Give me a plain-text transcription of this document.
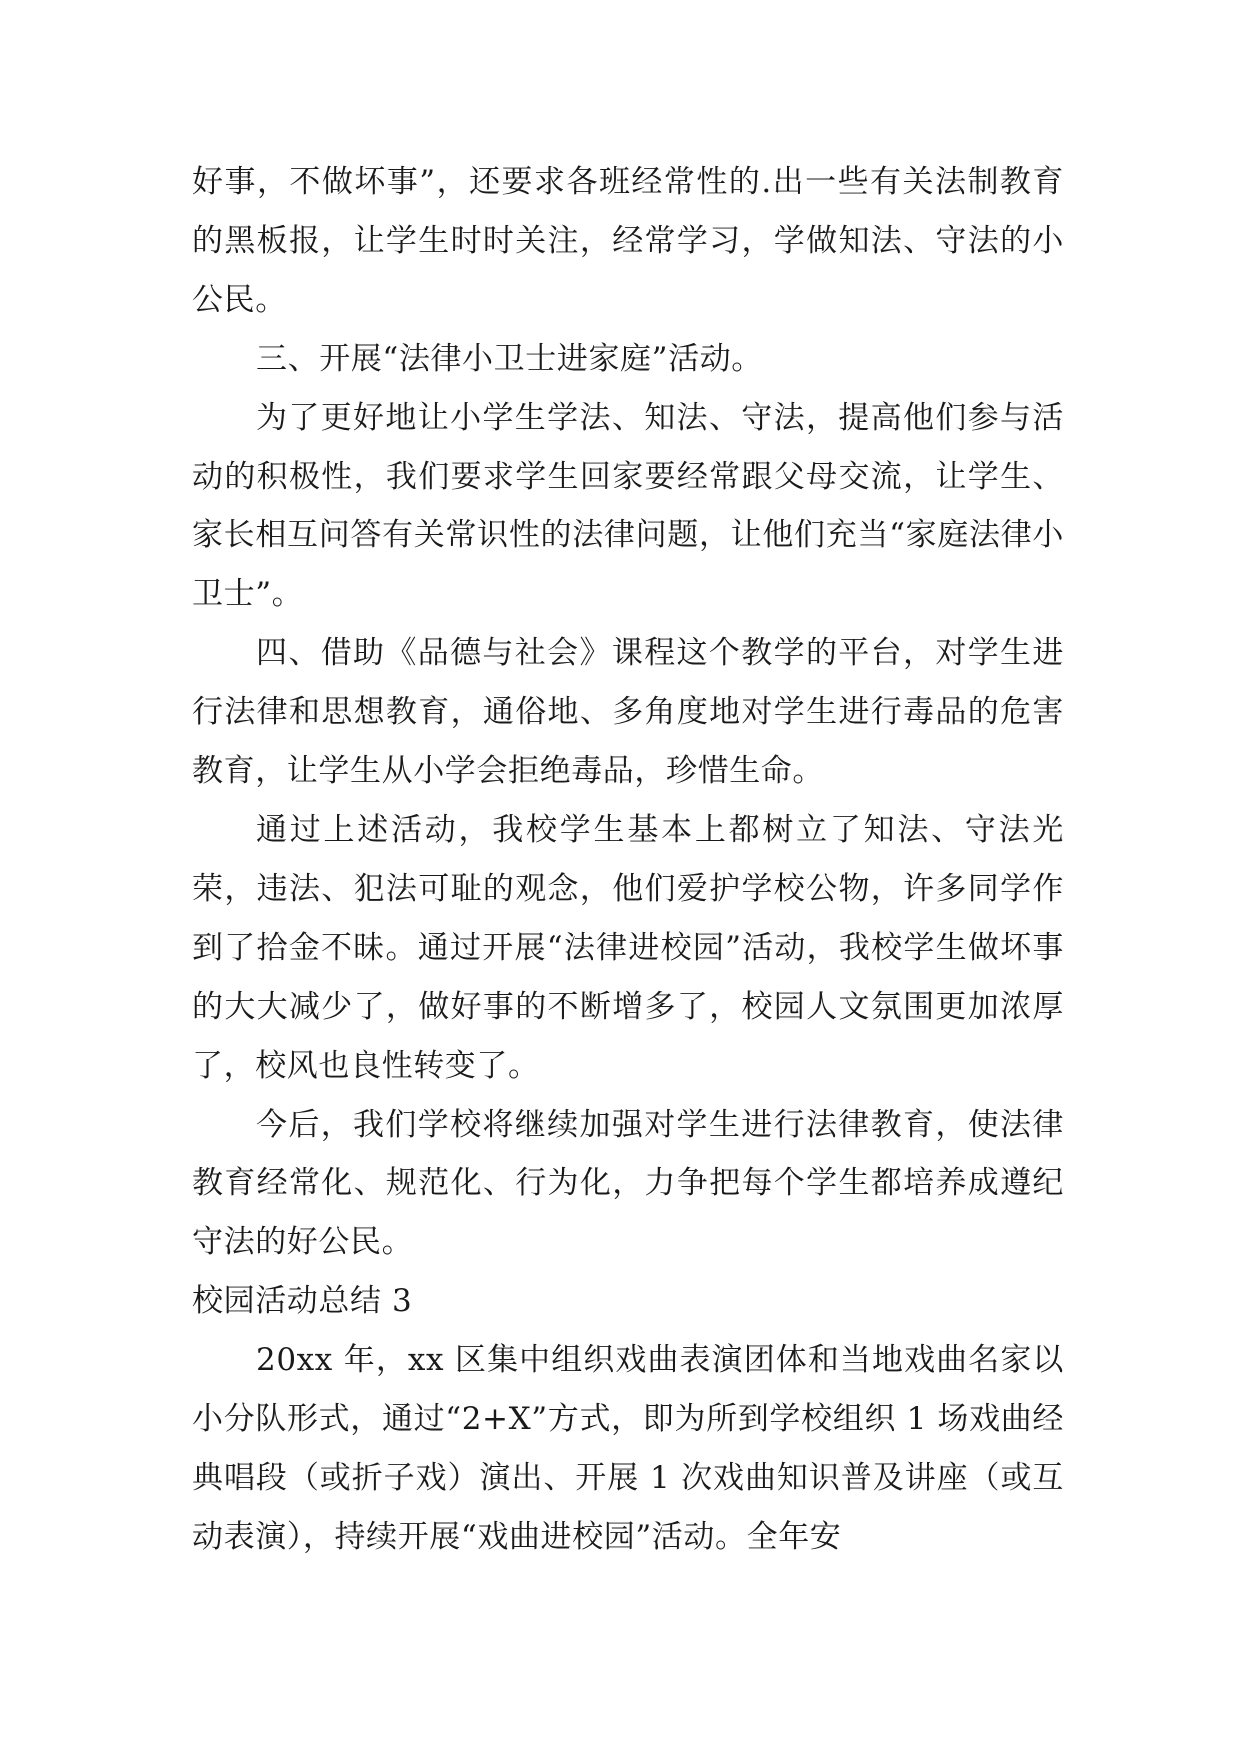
好事，不做坏事”，还要求各班经常性的.出一些有关法制教育的黑板报，让学生时时关注，经常学习，学做知法、守法的小公民。

三、开展“法律小卫士进家庭”活动。

为了更好地让小学生学法、知法、守法，提高他们参与活动的积极性，我们要求学生回家要经常跟父母交流，让学生、家长相互问答有关常识性的法律问题，让他们充当“家庭法律小卫士”。

四、借助《品德与社会》课程这个教学的平台，对学生进行法律和思想教育，通俗地、多角度地对学生进行毒品的危害教育，让学生从小学会拒绝毒品，珍惜生命。

通过上述活动，我校学生基本上都树立了知法、守法光荣，违法、犯法可耻的观念，他们爱护学校公物，许多同学作到了拾金不昧。通过开展“法律进校园”活动，我校学生做坏事的大大减少了，做好事的不断增多了，校园人文氛围更加浓厚了，校风也良性转变了。

今后，我们学校将继续加强对学生进行法律教育，使法律教育经常化、规范化、行为化，力争把每个学生都培养成遵纪守法的好公民。

校园活动总结 3

20xx 年，xx 区集中组织戏曲表演团体和当地戏曲名家以小分队形式，通过“2+X”方式，即为所到学校组织 1 场戏曲经典唱段（或折子戏）演出、开展 1 次戏曲知识普及讲座（或互动表演），持续开展“戏曲进校园”活动。全年安
